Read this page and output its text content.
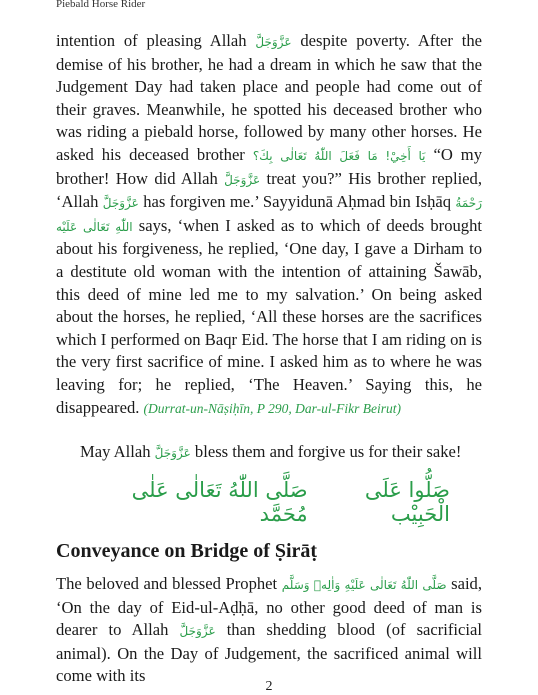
Piebald Horse Rider

intention of pleasing Allah عَزَّوَجَلَّ despite poverty. After the demise of his brother, he had a dream in which he saw that the Judgement Day had taken place and people had come out of their graves. Meanwhile, he spotted his deceased brother who was riding a piebald horse, followed by many other horses. He asked his deceased brother يَا أَخِيْ! مَا فَعَلَ اللّٰهُ تَعَالٰى بِكَ؟ “O my brother! How did Allah عَزَّوَجَلَّ treat you?” His brother replied, ‘Allah عَزَّوَجَلَّ has forgiven me.’ Sayyidunā Aḥmad bin Isḥāq رَحْمَةُ اللّٰهِ تَعَالٰى عَلَيْه says, ‘when I asked as to which of deeds brought about his forgiveness, he replied, ‘One day, I gave a Dirham to a destitute old woman with the intention of attaining Šawāb, this deed of mine led me to my salvation.’ On being asked about the horses, he replied, ‘All these horses are the sacrifices which I performed on Baqr Eid. The horse that I am riding on is the very first sacrifice of mine. I asked him as to where he was leaving for; he replied, ‘The Heaven.’ Saying this, he disappeared. (Durrat-un-Nāṣiḥīn, P 290, Dar-ul-Fikr Beirut)

May Allah عَزَّوَجَلَّ bless them and forgive us for their sake!
صَلُّوا عَلَى الْحَبِيْب
صَلَّى اللّٰهُ تَعَالٰى عَلٰى مُحَمَّد
Conveyance on Bridge of Ṣirāṭ

The beloved and blessed Prophet صَلَّى اللّٰهُ تَعَالٰى عَلَيْهِ وَاٰلِهٖ وَسَلَّم said, ‘On the day of Eid-ul-Aḍḥā, no other good deed of man is dearer to Allah عَزَّوَجَلَّ than shedding blood (of sacrificial animal). On the Day of Judgement, the sacrificed animal will come with its

2
